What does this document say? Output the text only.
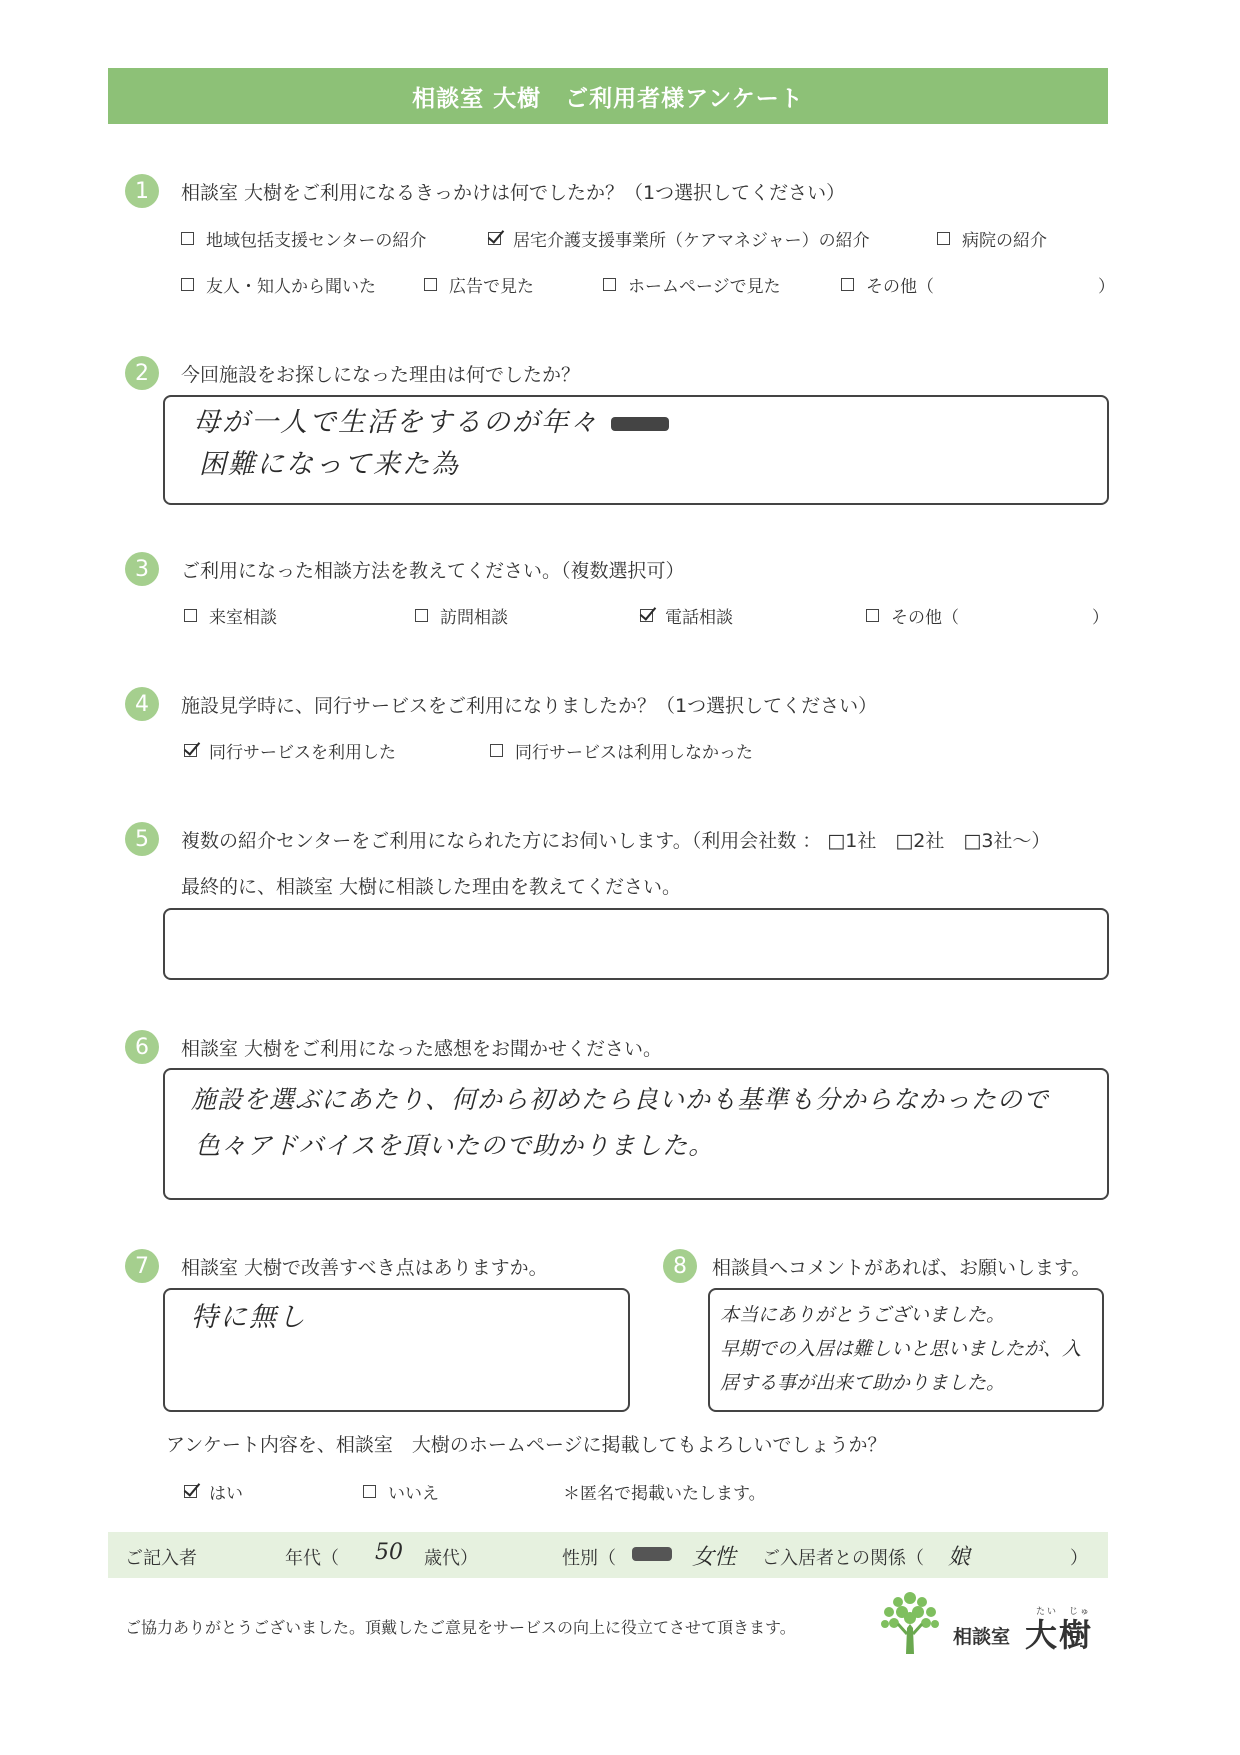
相談室 大樹　ご利用者様アンケート
1	相談室 大樹をご利用になるきっかけは何でしたか？（1つ選択してください）
地域包括支援センターの紹介	居宅介護支援事業所（ケアマネジャー）の紹介	病院の紹介
友人・知人から聞いた	広告で見た	ホームページで見た	その他（	）
2	今回施設をお探しになった理由は何でしたか？
母が一人で生活をするのが年々
困難になって来た為
3	ご利用になった相談方法を教えてください。（複数選択可）
来室相談	訪問相談	電話相談	その他（	）
4	施設見学時に、同行サービスをご利用になりましたか？（1つ選択してください）
同行サービスを利用した	同行サービスは利用しなかった
5	複数の紹介センターをご利用になられた方にお伺いします。（利用会社数 ： □1社　□2社　□3社～）
最終的に、相談室 大樹に相談した理由を教えてください。
6	相談室 大樹をご利用になった感想をお聞かせください。
施設を選ぶにあたり、何から初めたら良いかも基準も分からなかったので
色々アドバイスを頂いたので助かりました。
7	相談室 大樹で改善すべき点はありますか。
特に無し
8	相談員へコメントがあれば、お願いします。
本当にありがとうございました。
早期での入居は難しいと思いましたが、入居する事が出来て助かりました。
アンケート内容を、相談室　大樹のホームページに掲載してもよろしいでしょうか？
はい	いいえ	＊匿名で掲載いたします。
ご記入者	年代（ 50 歳代）	性別（	女性 ご入居者との関係（ 娘	）
ご協力ありがとうございました。頂戴したご意見をサービスの向上に役立てさせて頂きます。
たい　じゅ
相談室 大樹
